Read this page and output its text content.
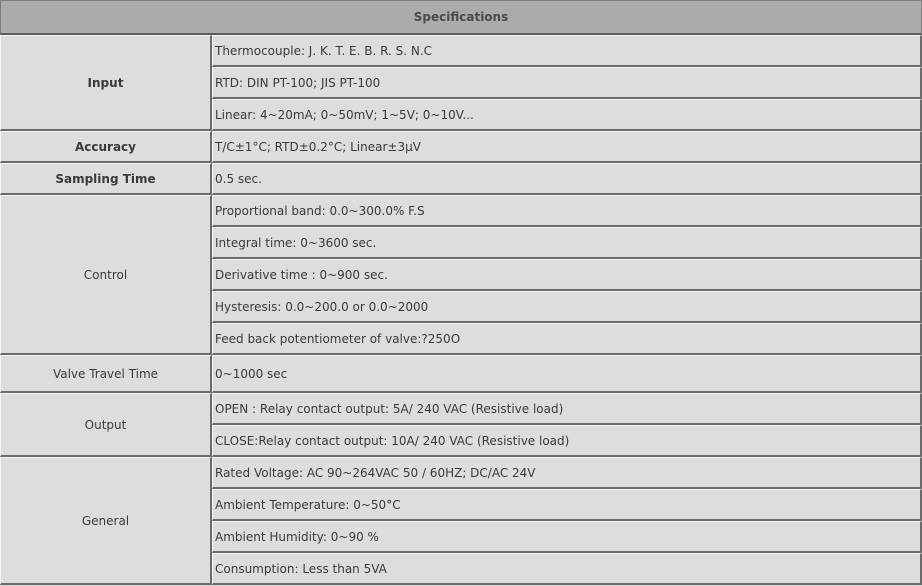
Specifications	
Input	Thermocouple: J. K. T. E. B. R. S. N.C
	RTD: DIN PT-100; JIS PT-100
	Linear: 4~20mA; 0~50mV; 1~5V; 0~10V...
Accuracy	T/C±1°C; RTD±0.2°C; Linear±3μV
Sampling Time	0.5 sec.
Control	Proportional band: 0.0~300.0% F.S
	Integral time: 0~3600 sec.
	Derivative time : 0~900 sec.
	Hysteresis: 0.0~200.0 or 0.0~2000
	Feed back potentiometer of valve:?250O
Valve Travel Time	0~1000 sec
Output	OPEN : Relay contact output: 5A/ 240 VAC (Resistive load)
	CLOSE:Relay contact output: 10A/ 240 VAC (Resistive load)
General	Rated Voltage: AC 90~264VAC 50 / 60HZ; DC/AC 24V
	Ambient Temperature: 0~50°C
	Ambient Humidity: 0~90 %
	Consumption: Less than 5VA
